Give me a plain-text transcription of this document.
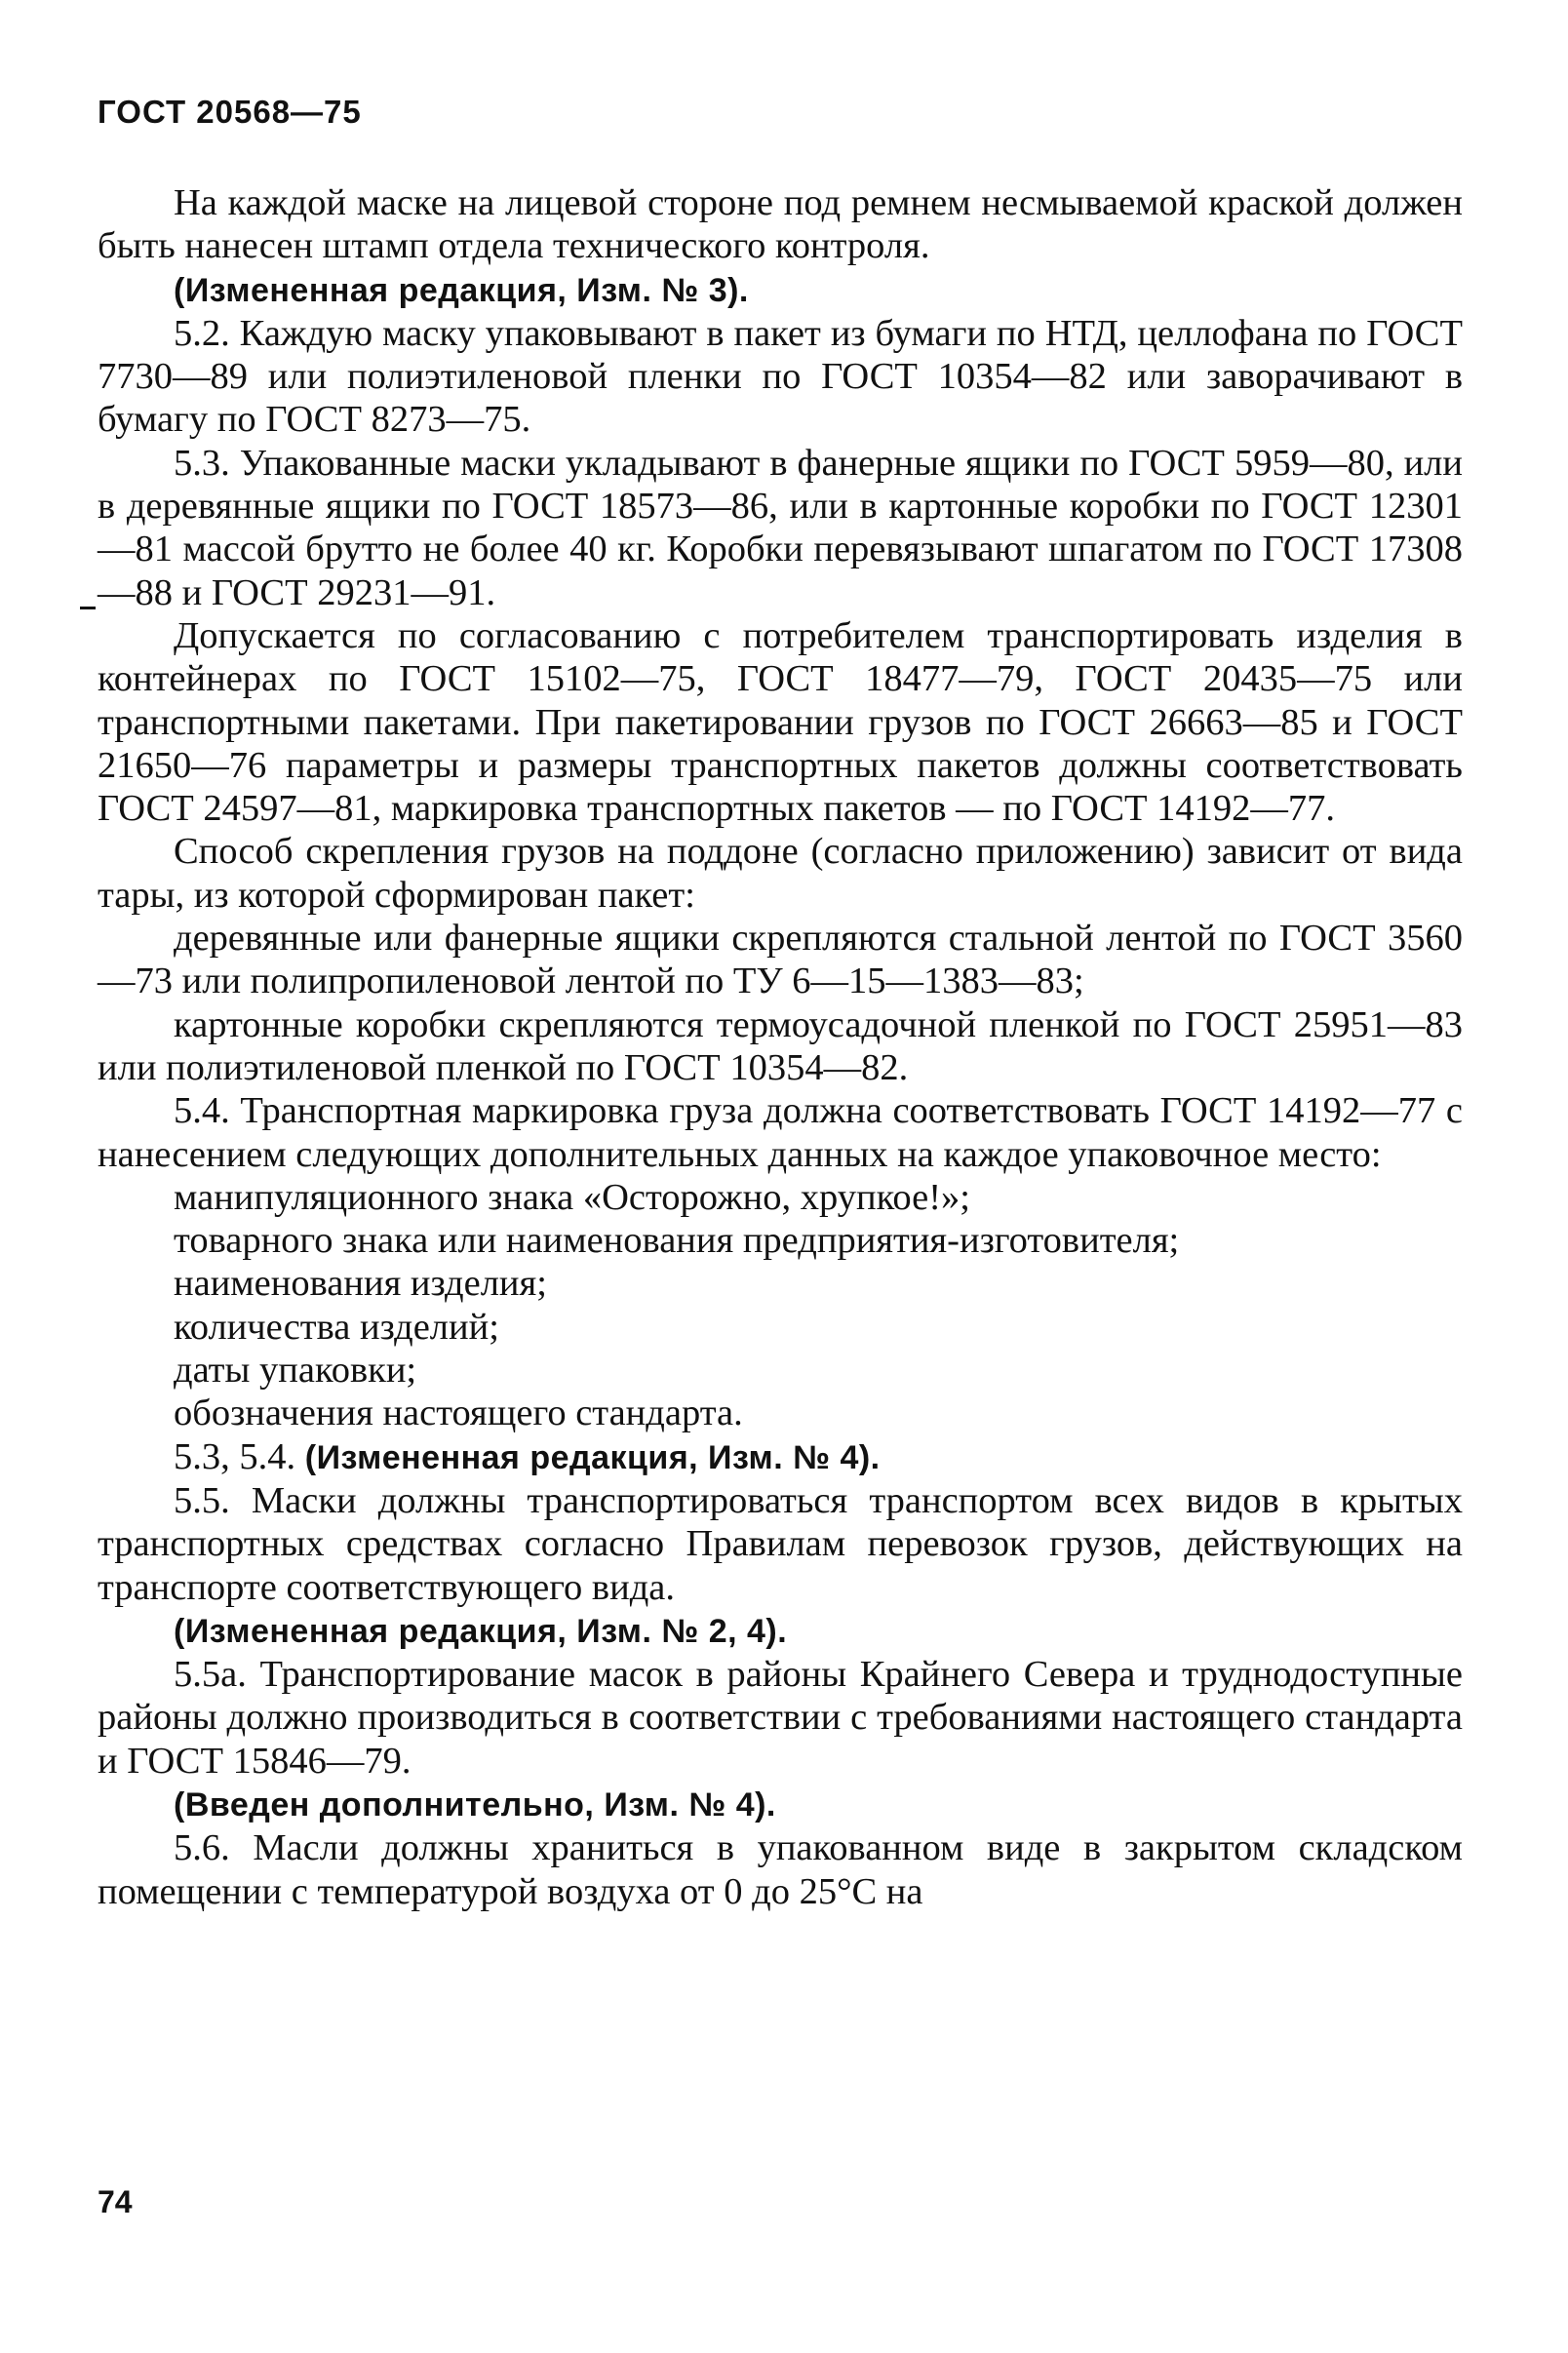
ГОСТ 20568—75

На каждой маске на лицевой стороне под ремнем несмываемой краской должен быть нанесен штамп отдела технического контроля.

(Измененная редакция, Изм. № 3).

5.2. Каждую маску упаковывают в пакет из бумаги по НТД, целлофана по ГОСТ 7730—89 или полиэтиленовой пленки по ГОСТ 10354—82 или заворачивают в бумагу по ГОСТ 8273—75.

5.3. Упакованные маски укладывают в фанерные ящики по ГОСТ 5959—80, или в деревянные ящики по ГОСТ 18573—86, или в картонные коробки по ГОСТ 12301—81 массой брутто не более 40 кг. Коробки перевязывают шпагатом по ГОСТ 17308—88 и ГОСТ 29231—91.

Допускается по согласованию с потребителем транспортировать изделия в контейнерах по ГОСТ 15102—75, ГОСТ 18477—79, ГОСТ 20435—75 или транспортными пакетами. При пакетировании грузов по ГОСТ 26663—85 и ГОСТ 21650—76 параметры и размеры транспортных пакетов должны соответствовать ГОСТ 24597—81, маркировка транспортных пакетов — по ГОСТ 14192—77.

Способ скрепления грузов на поддоне (согласно приложению) зависит от вида тары, из которой сформирован пакет:

деревянные или фанерные ящики скрепляются стальной лентой по ГОСТ 3560—73 или полипропиленовой лентой по ТУ 6—15—1383—83;

картонные коробки скрепляются термоусадочной пленкой по ГОСТ 25951—83 или полиэтиленовой пленкой по ГОСТ 10354—82.

5.4. Транспортная маркировка груза должна соответствовать ГОСТ 14192—77 с нанесением следующих дополнительных данных на каждое упаковочное место:

манипуляционного знака «Осторожно, хрупкое!»;

товарного знака или наименования предприятия-изготовителя;

наименования изделия;

количества изделий;

даты упаковки;

обозначения настоящего стандарта.

5.3, 5.4. (Измененная редакция, Изм. № 4).

5.5. Маски должны транспортироваться транспортом всех видов в крытых транспортных средствах согласно Правилам перевозок грузов, действующих на транспорте соответствующего вида.

(Измененная редакция, Изм. № 2, 4).

5.5а. Транспортирование масок в районы Крайнего Севера и труднодоступные районы должно производиться в соответствии с требованиями настоящего стандарта и ГОСТ 15846—79.

(Введен дополнительно, Изм. № 4).

5.6. Масли должны храниться в упакованном виде в закрытом складском помещении с температурой воздуха от 0 до 25°С на

74
